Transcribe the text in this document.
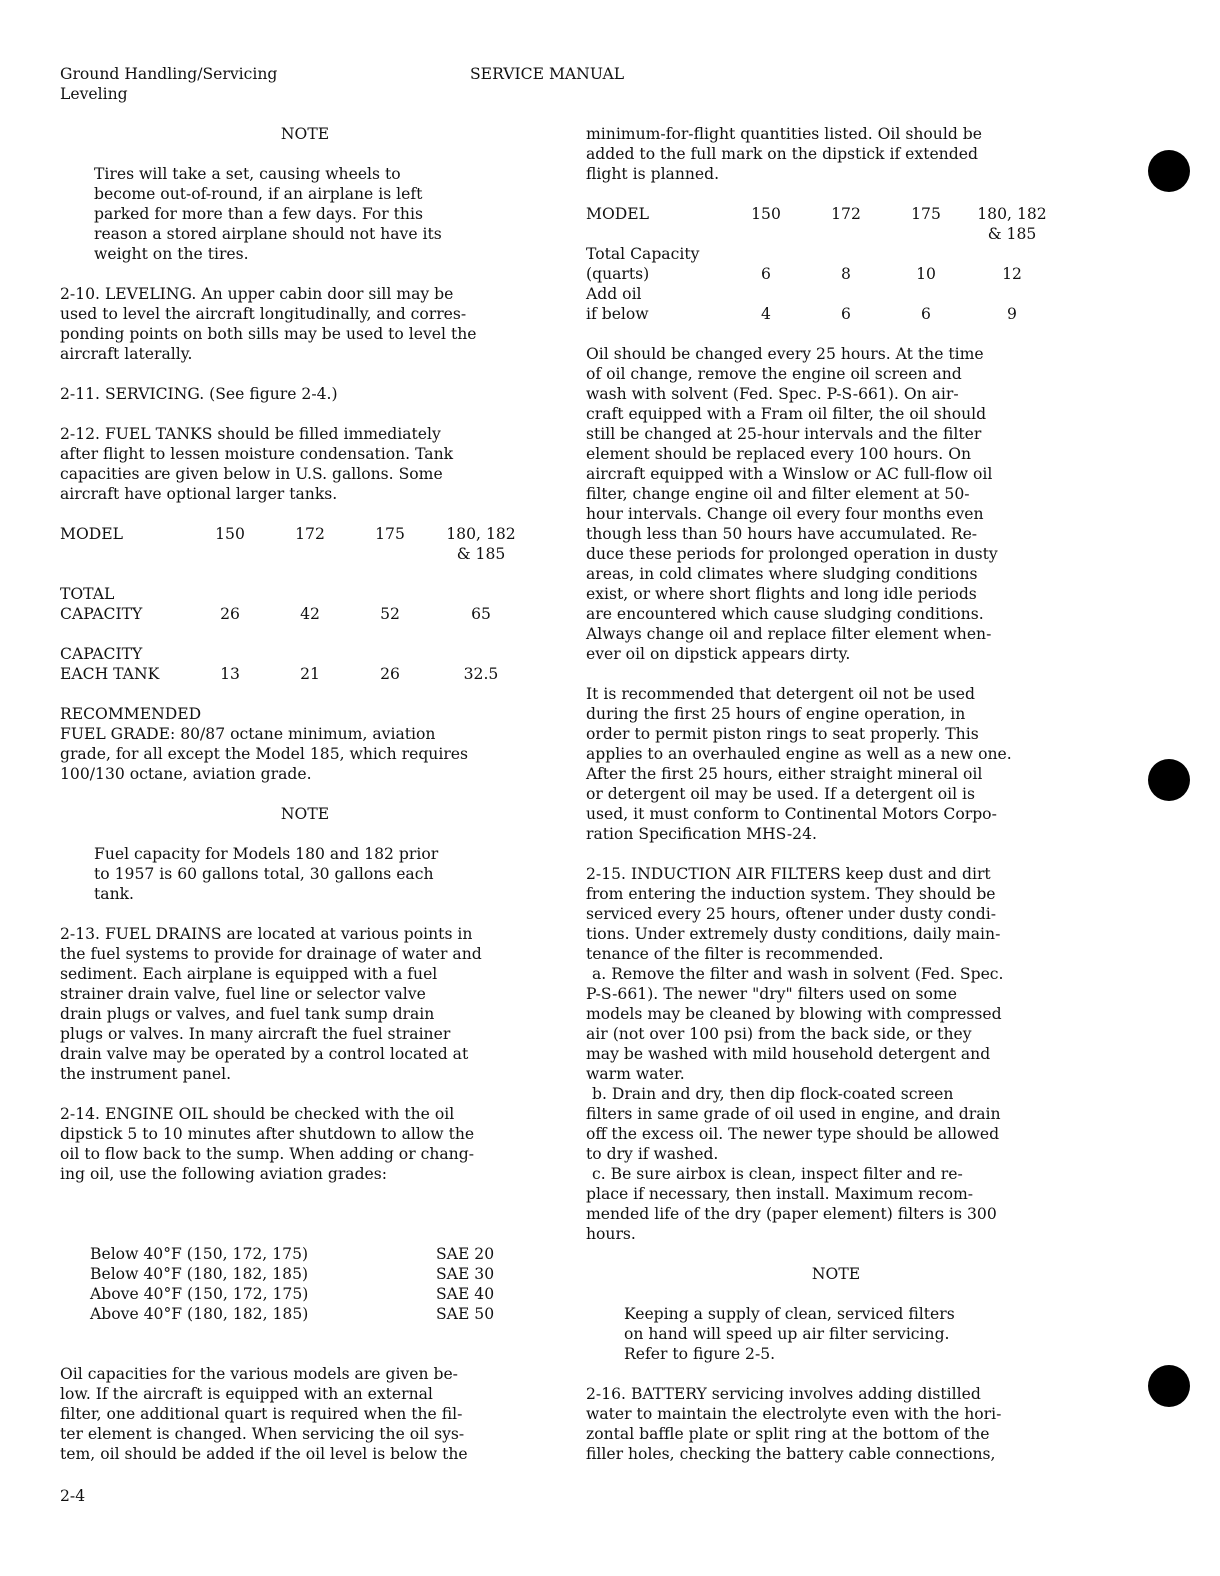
Ground Handling/Servicing
Leveling
SERVICE MANUAL

NOTE

Tires will take a set, causing wheels to
become out-of-round, if an airplane is left
parked for more than a few days. For this
reason a stored airplane should not have its
weight on the tires.
2-10. LEVELING. An upper cabin door sill may be
used to level the aircraft longitudinally, and corres-
ponding points on both sills may be used to level the
aircraft laterally.
2-11. SERVICING. (See figure 2-4.)
2-12. FUEL TANKS should be filled immediately
after flight to lessen moisture condensation. Tank
capacities are given below in U.S. gallons. Some
aircraft have optional larger tanks.
MODEL	150	172	175	180, 182
& 185

TOTAL
CAPACITY	26	42	52	65

CAPACITY
EACH TANK	13	21	26	32.5
RECOMMENDED
FUEL GRADE: 80/87 octane minimum, aviation
grade, for all except the Model 185, which requires
100/130 octane, aviation grade.

NOTE

Fuel capacity for Models 180 and 182 prior
to 1957 is 60 gallons total, 30 gallons each
tank.
2-13. FUEL DRAINS are located at various points in
the fuel systems to provide for drainage of water and
sediment. Each airplane is equipped with a fuel
strainer drain valve, fuel line or selector valve
drain plugs or valves, and fuel tank sump drain
plugs or valves. In many aircraft the fuel strainer
drain valve may be operated by a control located at
the instrument panel.
2-14. ENGINE OIL should be checked with the oil
dipstick 5 to 10 minutes after shutdown to allow the
oil to flow back to the sump. When adding or chang-
ing oil, use the following aviation grades:
Below 40°F (150, 172, 175)	SAE 20
Below 40°F (180, 182, 185)	SAE 30
Above 40°F (150, 172, 175)	SAE 40
Above 40°F (180, 182, 185)	SAE 50
Oil capacities for the various models are given be-
low. If the aircraft is equipped with an external
filter, one additional quart is required when the fil-
ter element is changed. When servicing the oil sys-
tem, oil should be added if the oil level is below the
minimum-for-flight quantities listed. Oil should be
added to the full mark on the dipstick if extended
flight is planned.
MODEL	150	172	175	180, 182
& 185

Total Capacity
(quarts)	6	8	10	12

Add oil
if below	4	6	6	9
Oil should be changed every 25 hours. At the time
of oil change, remove the engine oil screen and
wash with solvent (Fed. Spec. P-S-661). On air-
craft equipped with a Fram oil filter, the oil should
still be changed at 25-hour intervals and the filter
element should be replaced every 100 hours. On
aircraft equipped with a Winslow or AC full-flow oil
filter, change engine oil and filter element at 50-
hour intervals. Change oil every four months even
though less than 50 hours have accumulated. Re-
duce these periods for prolonged operation in dusty
areas, in cold climates where sludging conditions
exist, or where short flights and long idle periods
are encountered which cause sludging conditions.
Always change oil and replace filter element when-
ever oil on dipstick appears dirty.
It is recommended that detergent oil not be used
during the first 25 hours of engine operation, in
order to permit piston rings to seat properly. This
applies to an overhauled engine as well as a new one.
After the first 25 hours, either straight mineral oil
or detergent oil may be used. If a detergent oil is
used, it must conform to Continental Motors Corpo-
ration Specification MHS-24.
2-15. INDUCTION AIR FILTERS keep dust and dirt
from entering the induction system. They should be
serviced every 25 hours, oftener under dusty condi-
tions. Under extremely dusty conditions, daily main-
tenance of the filter is recommended.
a. Remove the filter and wash in solvent (Fed. Spec.
P-S-661). The newer "dry" filters used on some
models may be cleaned by blowing with compressed
air (not over 100 psi) from the back side, or they
may be washed with mild household detergent and
warm water.
b. Drain and dry, then dip flock-coated screen
filters in same grade of oil used in engine, and drain
off the excess oil. The newer type should be allowed
to dry if washed.
c. Be sure airbox is clean, inspect filter and re-
place if necessary, then install. Maximum recom-
mended life of the dry (paper element) filters is 300
hours.

NOTE

Keeping a supply of clean, serviced filters
on hand will speed up air filter servicing.
Refer to figure 2-5.
2-16. BATTERY servicing involves adding distilled
water to maintain the electrolyte even with the hori-
zontal baffle plate or split ring at the bottom of the
filler holes, checking the battery cable connections,
2-4
